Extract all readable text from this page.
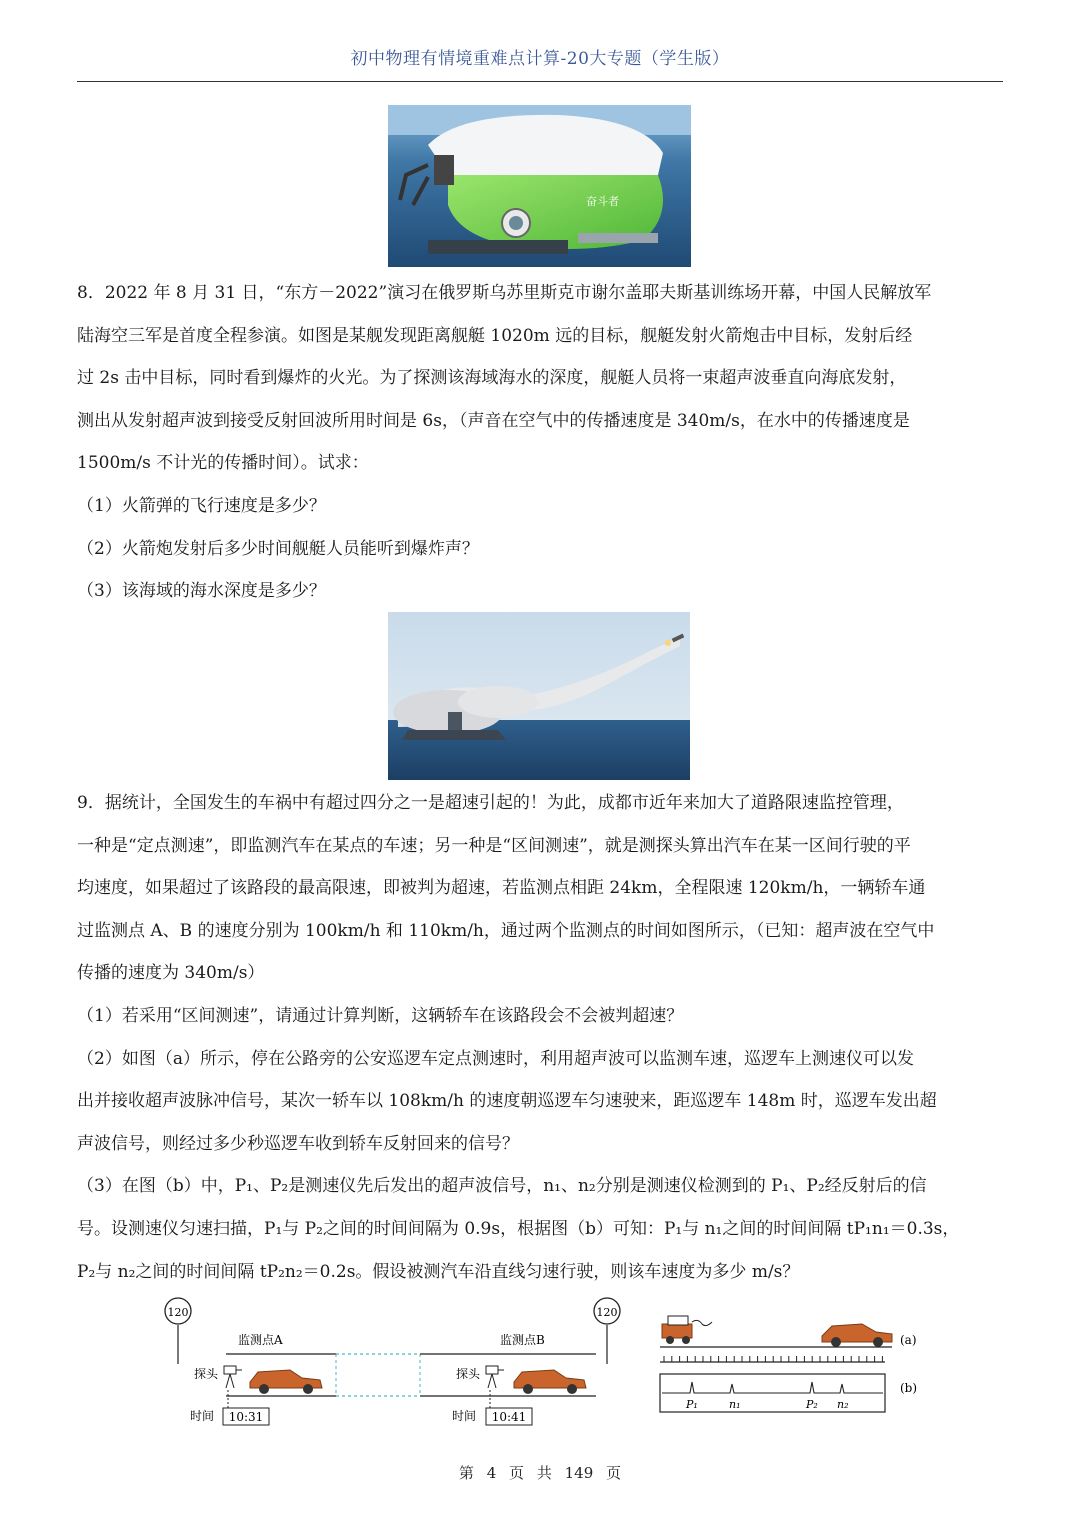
初中物理有情境重难点计算-20大专题（学生版）
奋斗者
8．2022 年 8 月 31 日，“东方－2022”演习在俄罗斯乌苏里斯克市谢尔盖耶夫斯基训练场开幕，中国人民解放军
陆海空三军是首度全程参演。如图是某舰发现距离舰艇 1020m 远的目标，舰艇发射火箭炮击中目标，发射后经
过 2s 击中目标，同时看到爆炸的火光。为了探测该海域海水的深度，舰艇人员将一束超声波垂直向海底发射，
测出从发射超声波到接受反射回波所用时间是 6s，（声音在空气中的传播速度是 340m/s，在水中的传播速度是
1500m/s 不计光的传播时间）。试求：
（1）火箭弹的飞行速度是多少？
（2）火箭炮发射后多少时间舰艇人员能听到爆炸声？
（3）该海域的海水深度是多少？
9．据统计，全国发生的车祸中有超过四分之一是超速引起的！为此，成都市近年来加大了道路限速监控管理，
一种是“定点测速”，即监测汽车在某点的车速；另一种是“区间测速”，就是测探头算出汽车在某一区间行驶的平
均速度，如果超过了该路段的最高限速，即被判为超速，若监测点相距 24km，全程限速 120km/h，一辆轿车通
过监测点 A、B 的速度分别为 100km/h 和 110km/h，通过两个监测点的时间如图所示，（已知：超声波在空气中
传播的速度为 340m/s）
（1）若采用“区间测速”，请通过计算判断，这辆轿车在该路段会不会被判超速？
（2）如图（a）所示，停在公路旁的公安巡逻车定点测速时，利用超声波可以监测车速，巡逻车上测速仪可以发
出并接收超声波脉冲信号，某次一轿车以 108km/h 的速度朝巡逻车匀速驶来，距巡逻车 148m 时，巡逻车发出超
声波信号，则经过多少秒巡逻车收到轿车反射回来的信号？
（3）在图（b）中，P₁、P₂是测速仪先后发出的超声波信号，n₁、n₂分别是测速仪检测到的 P₁、P₂经反射后的信
号。设测速仪匀速扫描，P₁与 P₂之间的时间间隔为 0.9s，根据图（b）可知：P₁与 n₁之间的时间间隔 tP₁n₁＝0.3s，
P₂与 n₂之间的时间间隔 tP₂n₂＝0.2s。假设被测汽车沿直线匀速行驶，则该车速度为多少 m/s？
120	120
监测点A	监测点B
探头	探头
时间 10:31	时间 10:41
(a)
P₁	n₁	P₂ n₂
(b)
第 4 页 共 149 页
